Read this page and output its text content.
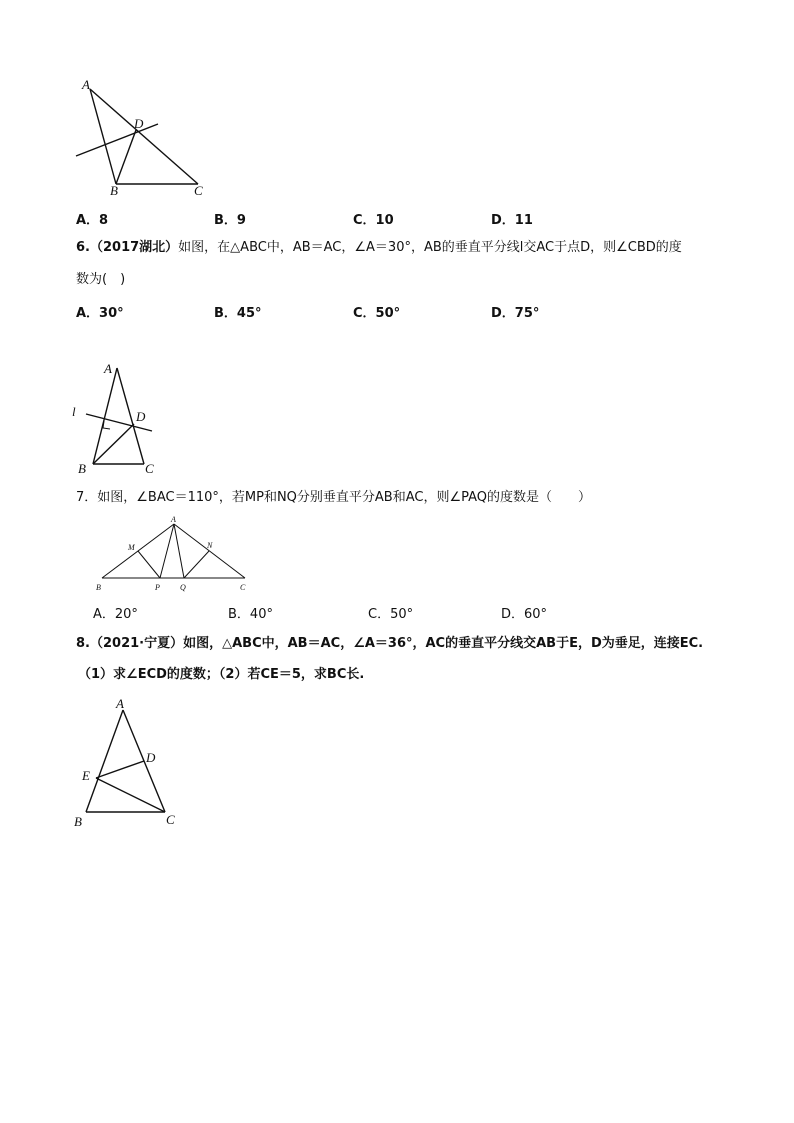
A
D
B	C
A．8	B．9	C．10	D．11
6.（2017湖北）如图，在△ABC中，AB＝AC，∠A＝30°，AB的垂直平分线l交AC于点D，则∠CBD的度
数为(　)
A．30°	B．45°	C．50°	D．75°
A
l	D
B	C
7．如图，∠BAC＝110°，若MP和NQ分别垂直平分AB和AC，则∠PAQ的度数是（　　）
A
M	N
B	P	Q	C
A．20°	B．40°	C．50°	D．60°
8.（2021·宁夏）如图，△ABC中，AB＝AC，∠A＝36°，AC的垂直平分线交AB于E，D为垂足，连接EC.
（1）求∠ECD的度数；（2）若CE＝5，求BC长.
A
D
E
B	C
